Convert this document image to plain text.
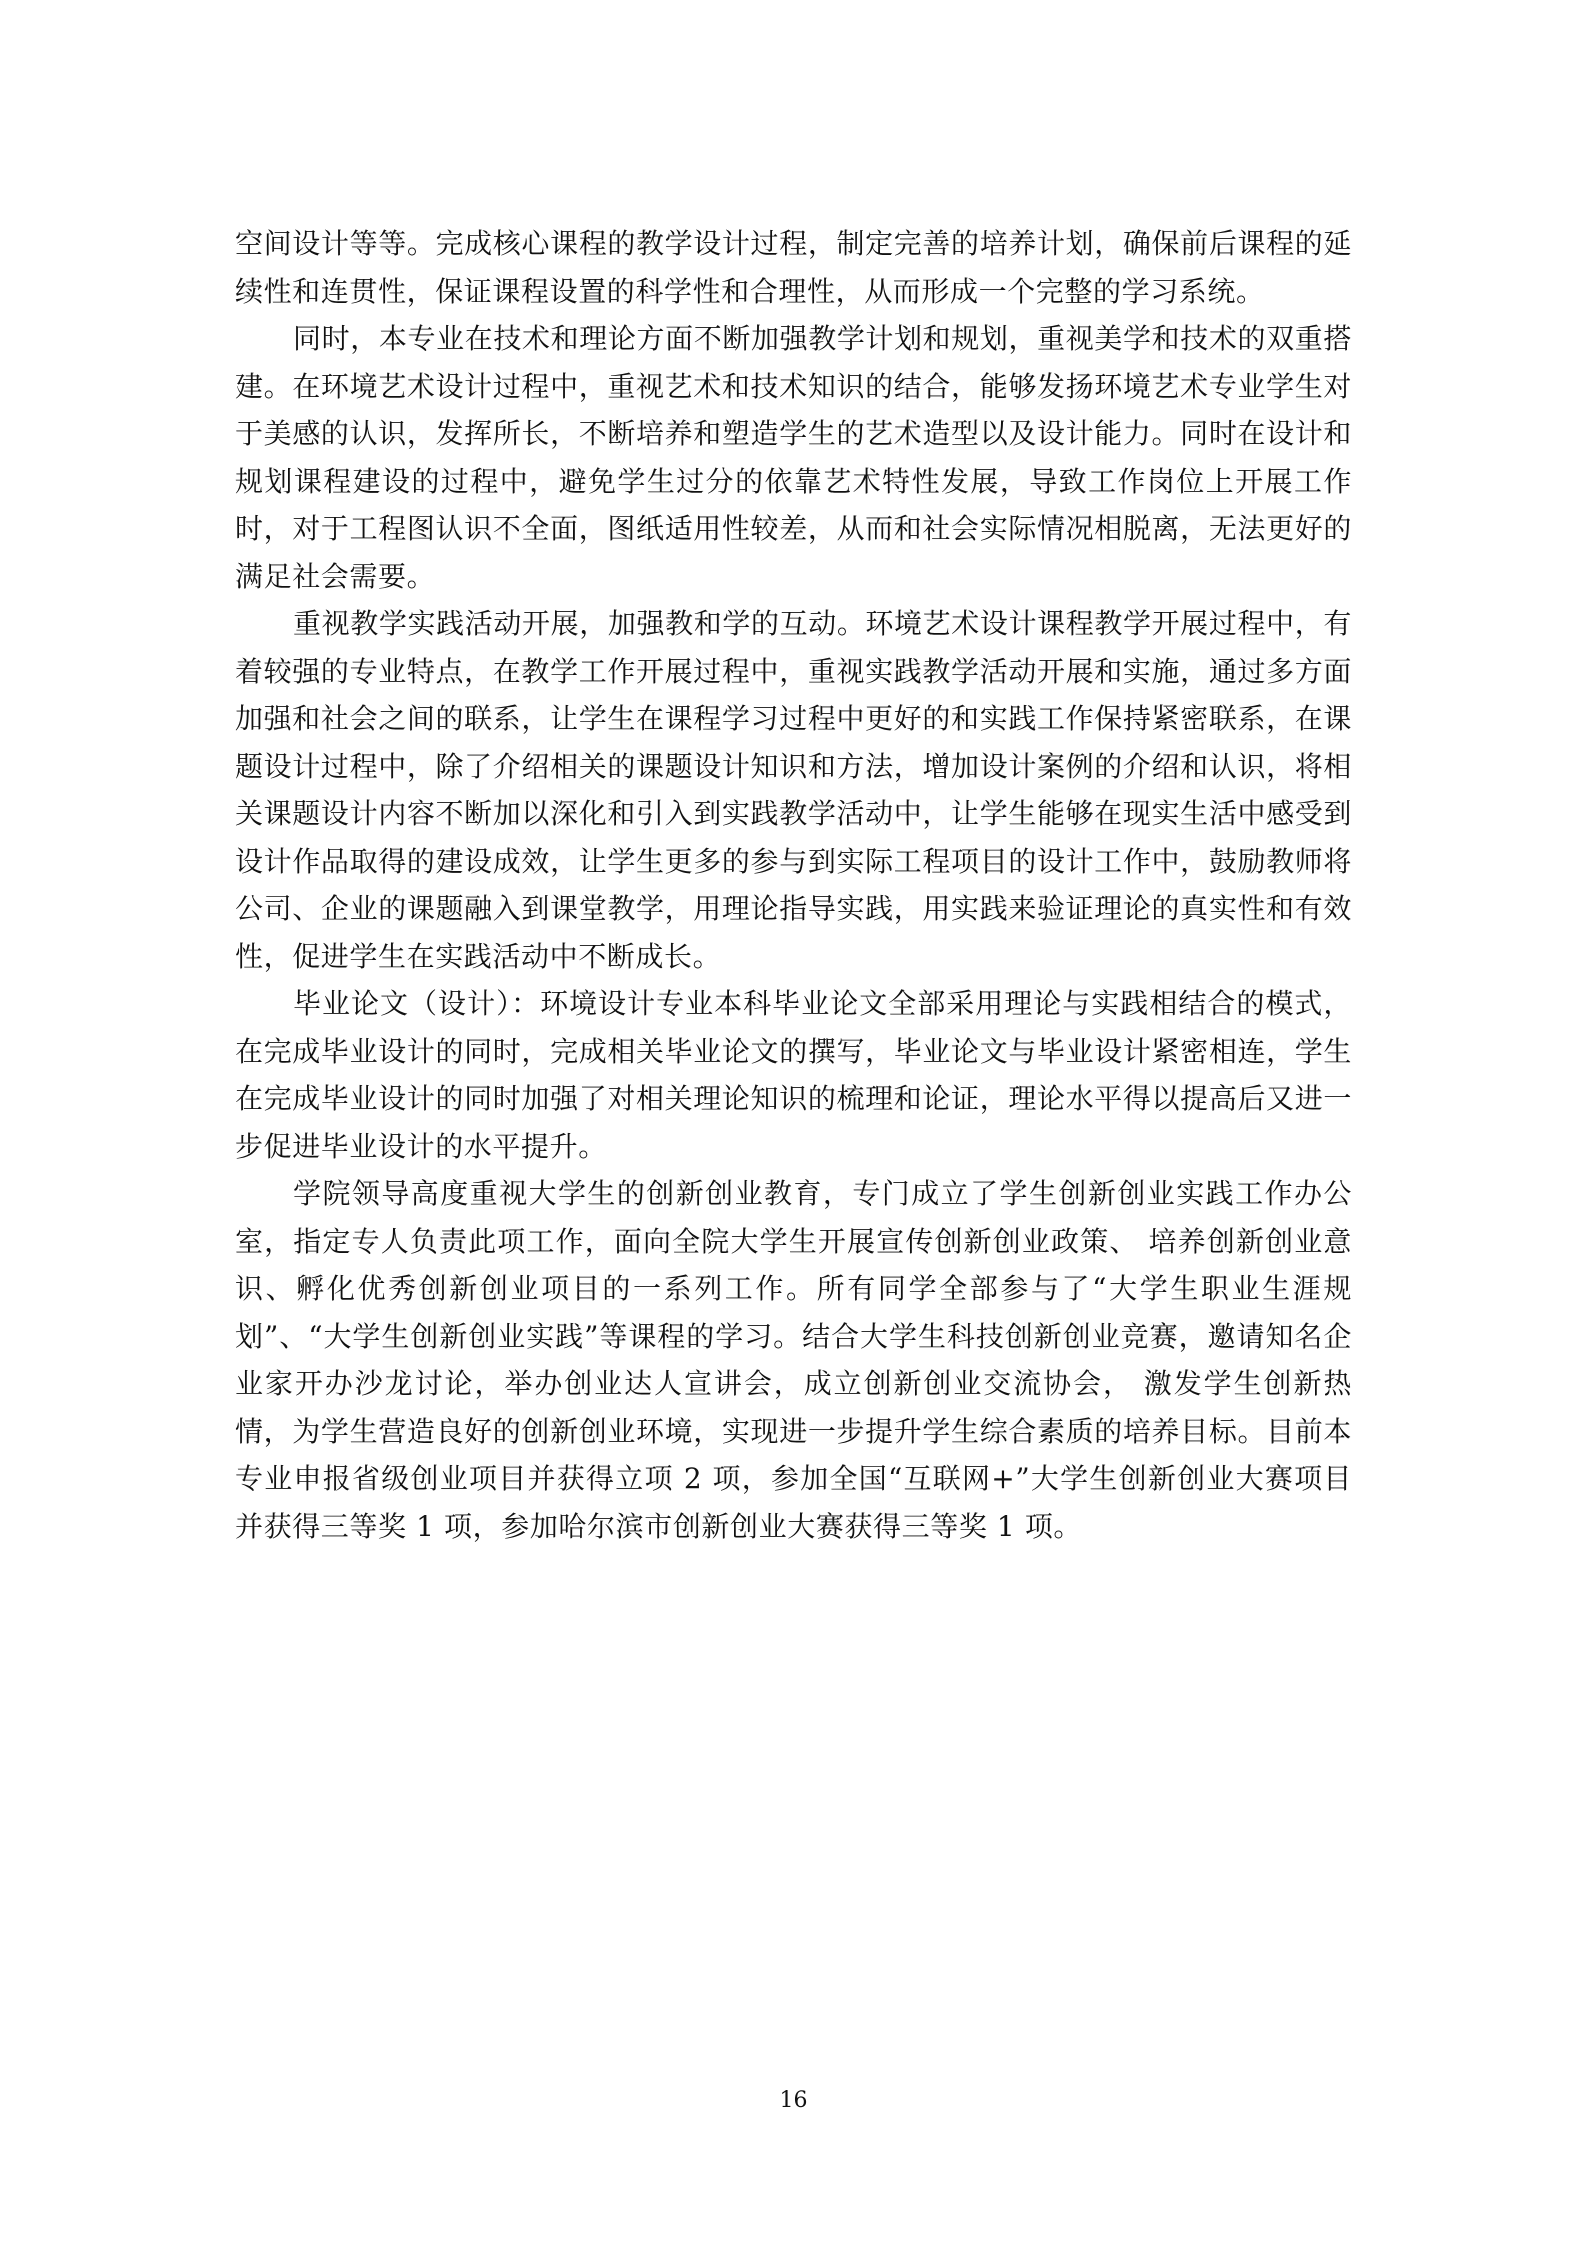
空间设计等等。完成核心课程的教学设计过程，制定完善的培养计划，确保前后课程的延续性和连贯性，保证课程设置的科学性和合理性，从而形成一个完整的学习系统。

同时，本专业在技术和理论方面不断加强教学计划和规划，重视美学和技术的双重搭建。在环境艺术设计过程中，重视艺术和技术知识的结合，能够发扬环境艺术专业学生对于美感的认识，发挥所长，不断培养和塑造学生的艺术造型以及设计能力。同时在设计和规划课程建设的过程中，避免学生过分的依靠艺术特性发展，导致工作岗位上开展工作时，对于工程图认识不全面，图纸适用性较差，从而和社会实际情况相脱离，无法更好的满足社会需要。

重视教学实践活动开展，加强教和学的互动。环境艺术设计课程教学开展过程中，有着较强的专业特点，在教学工作开展过程中，重视实践教学活动开展和实施，通过多方面加强和社会之间的联系，让学生在课程学习过程中更好的和实践工作保持紧密联系，在课题设计过程中，除了介绍相关的课题设计知识和方法，增加设计案例的介绍和认识，将相关课题设计内容不断加以深化和引入到实践教学活动中，让学生能够在现实生活中感受到设计作品取得的建设成效，让学生更多的参与到实际工程项目的设计工作中，鼓励教师将公司、企业的课题融入到课堂教学，用理论指导实践，用实践来验证理论的真实性和有效性，促进学生在实践活动中不断成长。

毕业论文（设计）：环境设计专业本科毕业论文全部采用理论与实践相结合的模式，在完成毕业设计的同时，完成相关毕业论文的撰写，毕业论文与毕业设计紧密相连，学生在完成毕业设计的同时加强了对相关理论知识的梳理和论证，理论水平得以提高后又进一步促进毕业设计的水平提升。

学院领导高度重视大学生的创新创业教育，专门成立了学生创新创业实践工作办公室，指定专人负责此项工作，面向全院大学生开展宣传创新创业政策、 培养创新创业意识、孵化优秀创新创业项目的一系列工作。所有同学全部参与了“大学生职业生涯规划”、“大学生创新创业实践”等课程的学习。结合大学生科技创新创业竞赛，邀请知名企业家开办沙龙讨论，举办创业达人宣讲会，成立创新创业交流协会， 激发学生创新热情，为学生营造良好的创新创业环境，实现进一步提升学生综合素质的培养目标。目前本专业申报省级创业项目并获得立项 2 项，参加全国“互联网+”大学生创新创业大赛项目并获得三等奖 1 项，参加哈尔滨市创新创业大赛获得三等奖 1 项。

16
